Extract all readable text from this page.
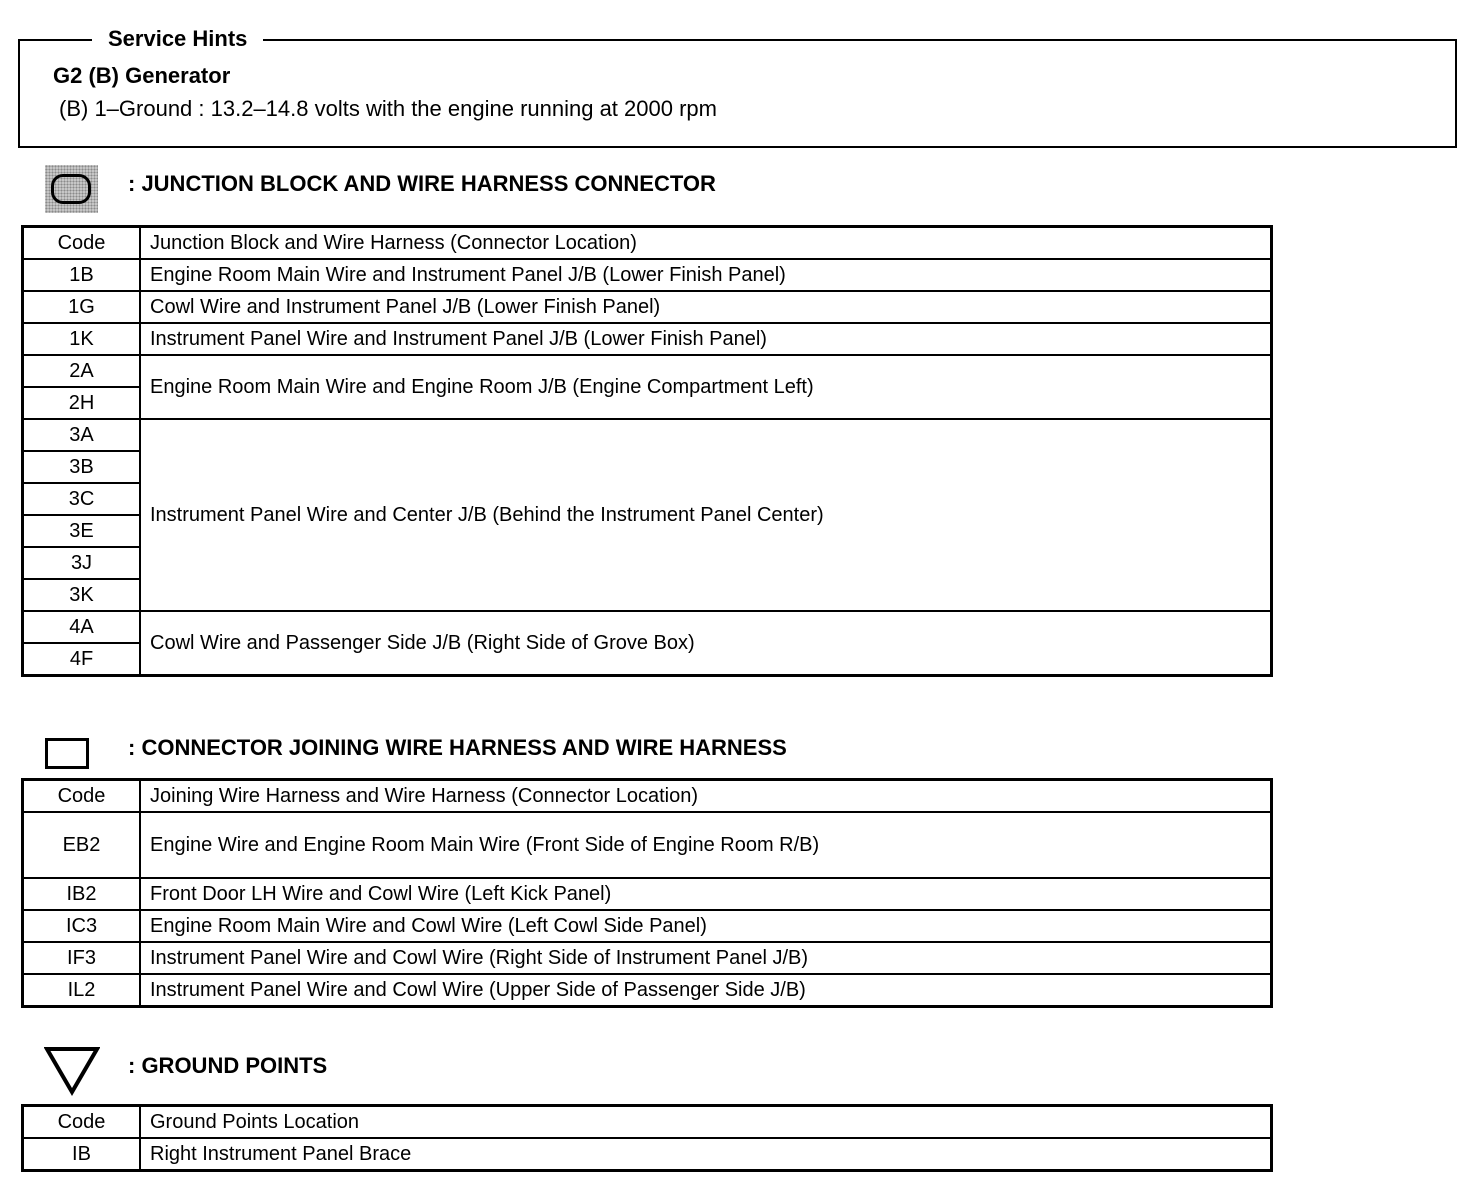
G2 (B) Generator
(B) 1–Ground : 13.2–14.8 volts with the engine running at 2000 rpm
Service Hints
: JUNCTION BLOCK AND WIRE HARNESS CONNECTOR
Code	Junction Block and Wire Harness (Connector Location)
1B	Engine Room Main Wire and Instrument Panel J/B (Lower Finish Panel)
1G	Cowl Wire and Instrument Panel J/B (Lower Finish Panel)
1K	Instrument Panel Wire and Instrument Panel J/B (Lower Finish Panel)
2A	Engine Room Main Wire and Engine Room J/B (Engine Compartment Left)
2H	
3A	Instrument Panel Wire and Center J/B (Behind the Instrument Panel Center)
3B	
3C	
3E	
3J	
3K	
4A	Cowl Wire and Passenger Side J/B (Right Side of Grove Box)
4F	
: CONNECTOR JOINING WIRE HARNESS AND WIRE HARNESS
Code	Joining Wire Harness and Wire Harness (Connector Location)
EB2	Engine Wire and Engine Room Main Wire (Front Side of Engine Room R/B)
IB2	Front Door LH Wire and Cowl Wire (Left Kick Panel)
IC3	Engine Room Main Wire and Cowl Wire (Left Cowl Side Panel)
IF3	Instrument Panel Wire and Cowl Wire (Right Side of Instrument Panel J/B)
IL2	Instrument Panel Wire and Cowl Wire (Upper Side of Passenger Side J/B)
: GROUND POINTS
Code	Ground Points Location
IB	Right Instrument Panel Brace
